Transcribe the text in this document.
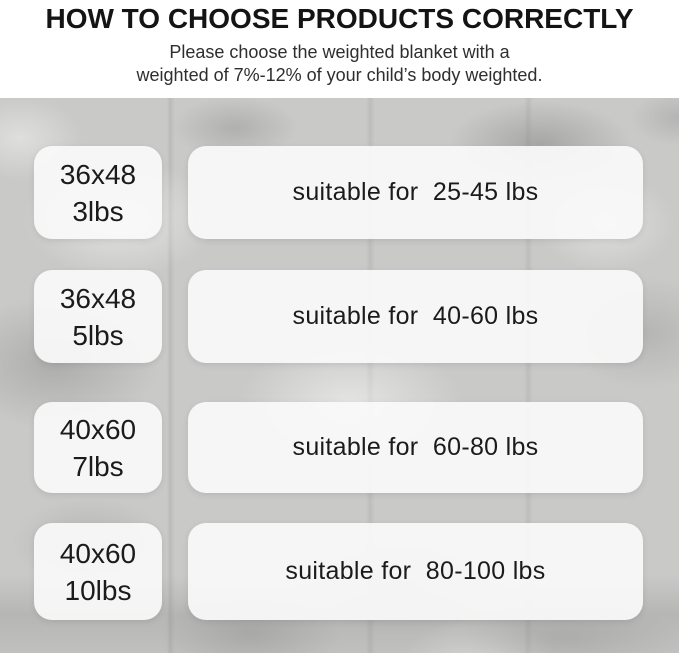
HOW TO CHOOSE PRODUCTS CORRECTLY

Please choose the weighted blanket with a
weighted of 7%-12% of your child’s body weighted.

36x48
3lbs
suitable for  25-45 lbs
36x48
5lbs
suitable for  40-60 lbs
40x60
7lbs
suitable for  60-80 lbs
40x60
10lbs
suitable for  80-100 lbs
